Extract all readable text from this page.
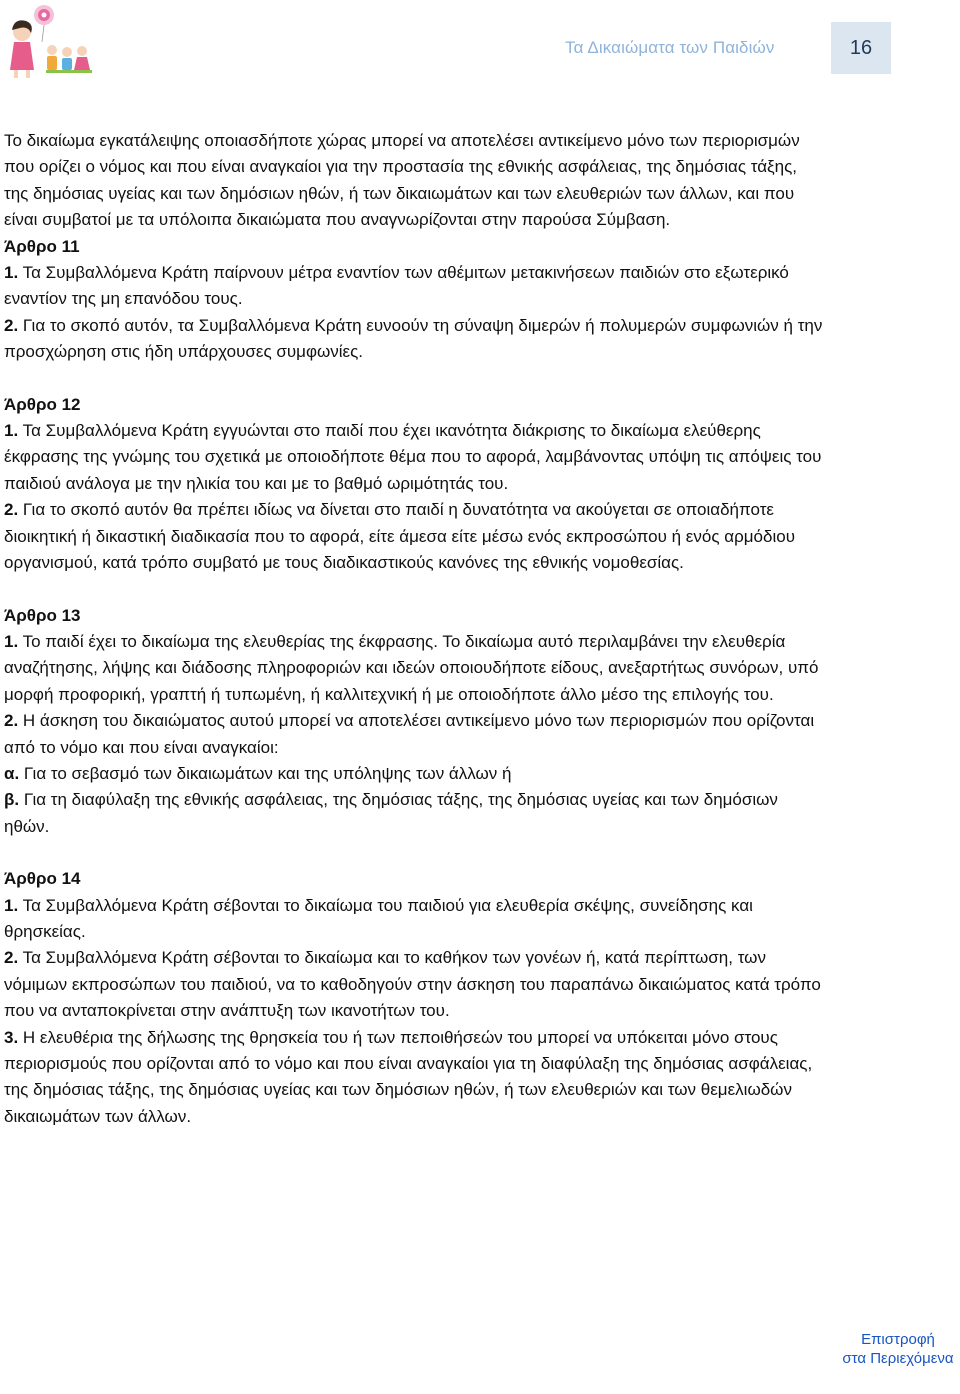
Τα Δικαιώματα των Παιδιών	16

Το δικαίωμα εγκατάλειψης οποιασδήποτε χώρας μπορεί να αποτελέσει αντικείμενο μόνο των περιορισμών που ορίζει ο νόμος και που είναι αναγκαίοι για την προστασία της εθνικής ασφάλειας, της δημόσιας τάξης, της δημόσιας υγείας και των δημόσιων ηθών, ή των δικαιωμάτων και των ελευθεριών των άλλων, και που είναι συμβατοί με τα υπόλοιπα δικαιώματα που αναγνωρίζονται στην παρούσα Σύμβαση.

Άρθρο 11

1. Τα Συμβαλλόμενα Κράτη παίρνουν μέτρα εναντίον των αθέμιτων μετακινήσεων παιδιών στο εξωτερικό εναντίον της μη επανόδου τους.

2. Για το σκοπό αυτόν, τα Συμβαλλόμενα Κράτη ευνοούν τη σύναψη διμερών ή πολυμερών συμφωνιών ή την προσχώρηση στις ήδη υπάρχουσες συμφωνίες.

Άρθρο 12

1. Τα Συμβαλλόμενα Κράτη εγγυώνται στο παιδί που έχει ικανότητα διάκρισης το δικαίωμα ελεύθερης έκφρασης της γνώμης του σχετικά με οποιοδήποτε θέμα που το αφορά, λαμβάνοντας υπόψη τις απόψεις του παιδιού ανάλογα με την ηλικία του και με το βαθμό ωριμότητάς του.

2. Για το σκοπό αυτόν θα πρέπει ιδίως να δίνεται στο παιδί η δυνατότητα να ακούγεται σε οποιαδήποτε διοικητική ή δικαστική διαδικασία που το αφορά, είτε άμεσα είτε μέσω ενός εκπροσώπου ή ενός αρμόδιου οργανισμού, κατά τρόπο συμβατό με τους διαδικαστικούς κανόνες της εθνικής νομοθεσίας.

Άρθρο 13

1. Το παιδί έχει το δικαίωμα της ελευθερίας της έκφρασης. Το δικαίωμα αυτό περιλαμβάνει την ελευθερία αναζήτησης, λήψης και διάδοσης πληροφοριών και ιδεών οποιουδήποτε είδους, ανεξαρτήτως συνόρων, υπό μορφή προφορική, γραπτή ή τυπωμένη, ή καλλιτεχνική ή με οποιοδήποτε άλλο μέσο της επιλογής του.

2. Η άσκηση του δικαιώματος αυτού μπορεί να αποτελέσει αντικείμενο μόνο των περιορισμών που ορίζονται από το νόμο και που είναι αναγκαίοι:

α. Για το σεβασμό των δικαιωμάτων και της υπόληψης των άλλων ή

β. Για τη διαφύλαξη της εθνικής ασφάλειας, της δημόσιας τάξης, της δημόσιας υγείας και των δημόσιων ηθών.

Άρθρο 14

1. Τα Συμβαλλόμενα Κράτη σέβονται το δικαίωμα του παιδιού για ελευθερία σκέψης, συνείδησης και θρησκείας.

2. Τα Συμβαλλόμενα Κράτη σέβονται το δικαίωμα και το καθήκον των γονέων ή, κατά περίπτωση, των νόμιμων εκπροσώπων του παιδιού, να το καθοδηγούν στην άσκηση του παραπάνω δικαιώματος κατά τρόπο που να ανταποκρίνεται στην ανάπτυξη των ικανοτήτων του.

3. Η ελευθέρια της δήλωσης της θρησκεία του ή των πεποιθήσεών του μπορεί να υπόκειται μόνο στους περιορισμούς που ορίζονται από το νόμο και που είναι αναγκαίοι για τη διαφύλαξη της δημόσιας ασφάλειας, της δημόσιας τάξης, της δημόσιας υγείας και των δημόσιων ηθών, ή των ελευθεριών και των θεμελιωδών δικαιωμάτων των άλλων.

Επιστροφή
στα Περιεχόμενα
